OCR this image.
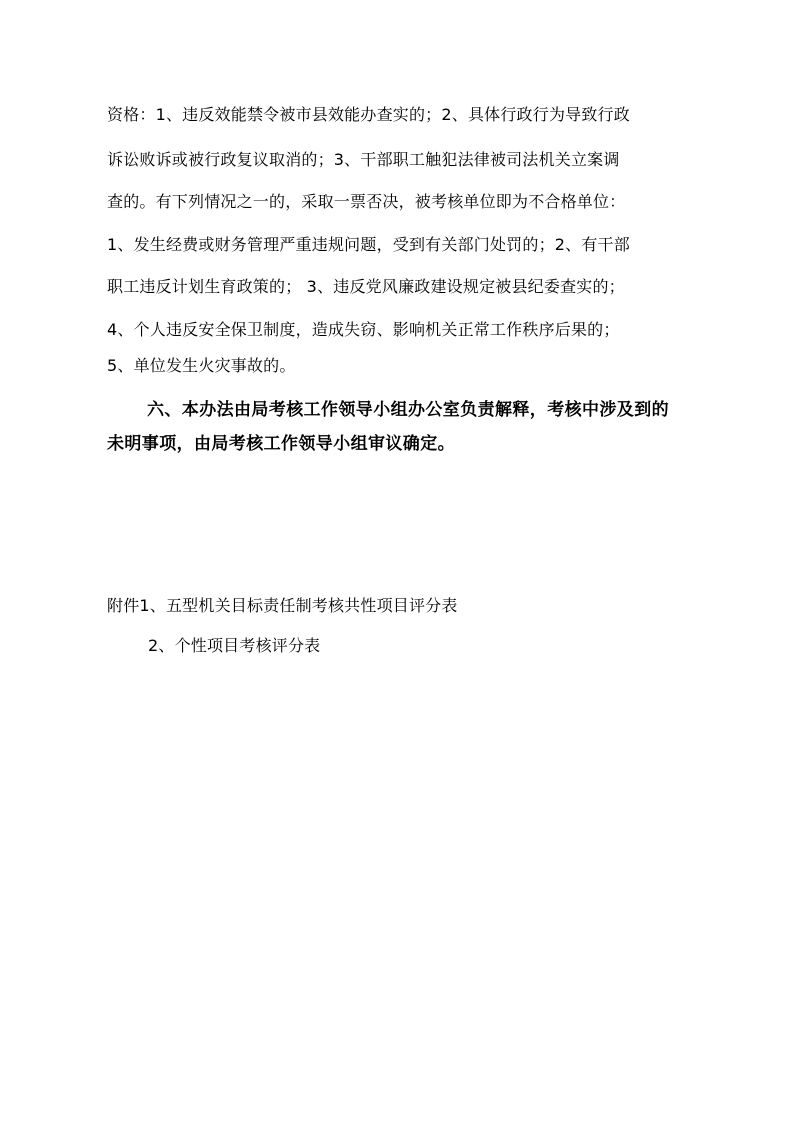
资格：1、违反效能禁令被市县效能办查实的；2、具体行政行为导致行政
诉讼败诉或被行政复议取消的；3、干部职工触犯法律被司法机关立案调
查的。有下列情况之一的，采取一票否决，被考核单位即为不合格单位：
1、发生经费或财务管理严重违规问题，受到有关部门处罚的；2、有干部
职工违反计划生育政策的； 3、违反党风廉政建设规定被县纪委查实的；
4、个人违反安全保卫制度，造成失窃、影响机关正常工作秩序后果的；
5、单位发生火灾事故的。
六、本办法由局考核工作领导小组办公室负责解释，考核中涉及到的
未明事项，由局考核工作领导小组审议确定。
附件1、五型机关目标责任制考核共性项目评分表
2、个性项目考核评分表
